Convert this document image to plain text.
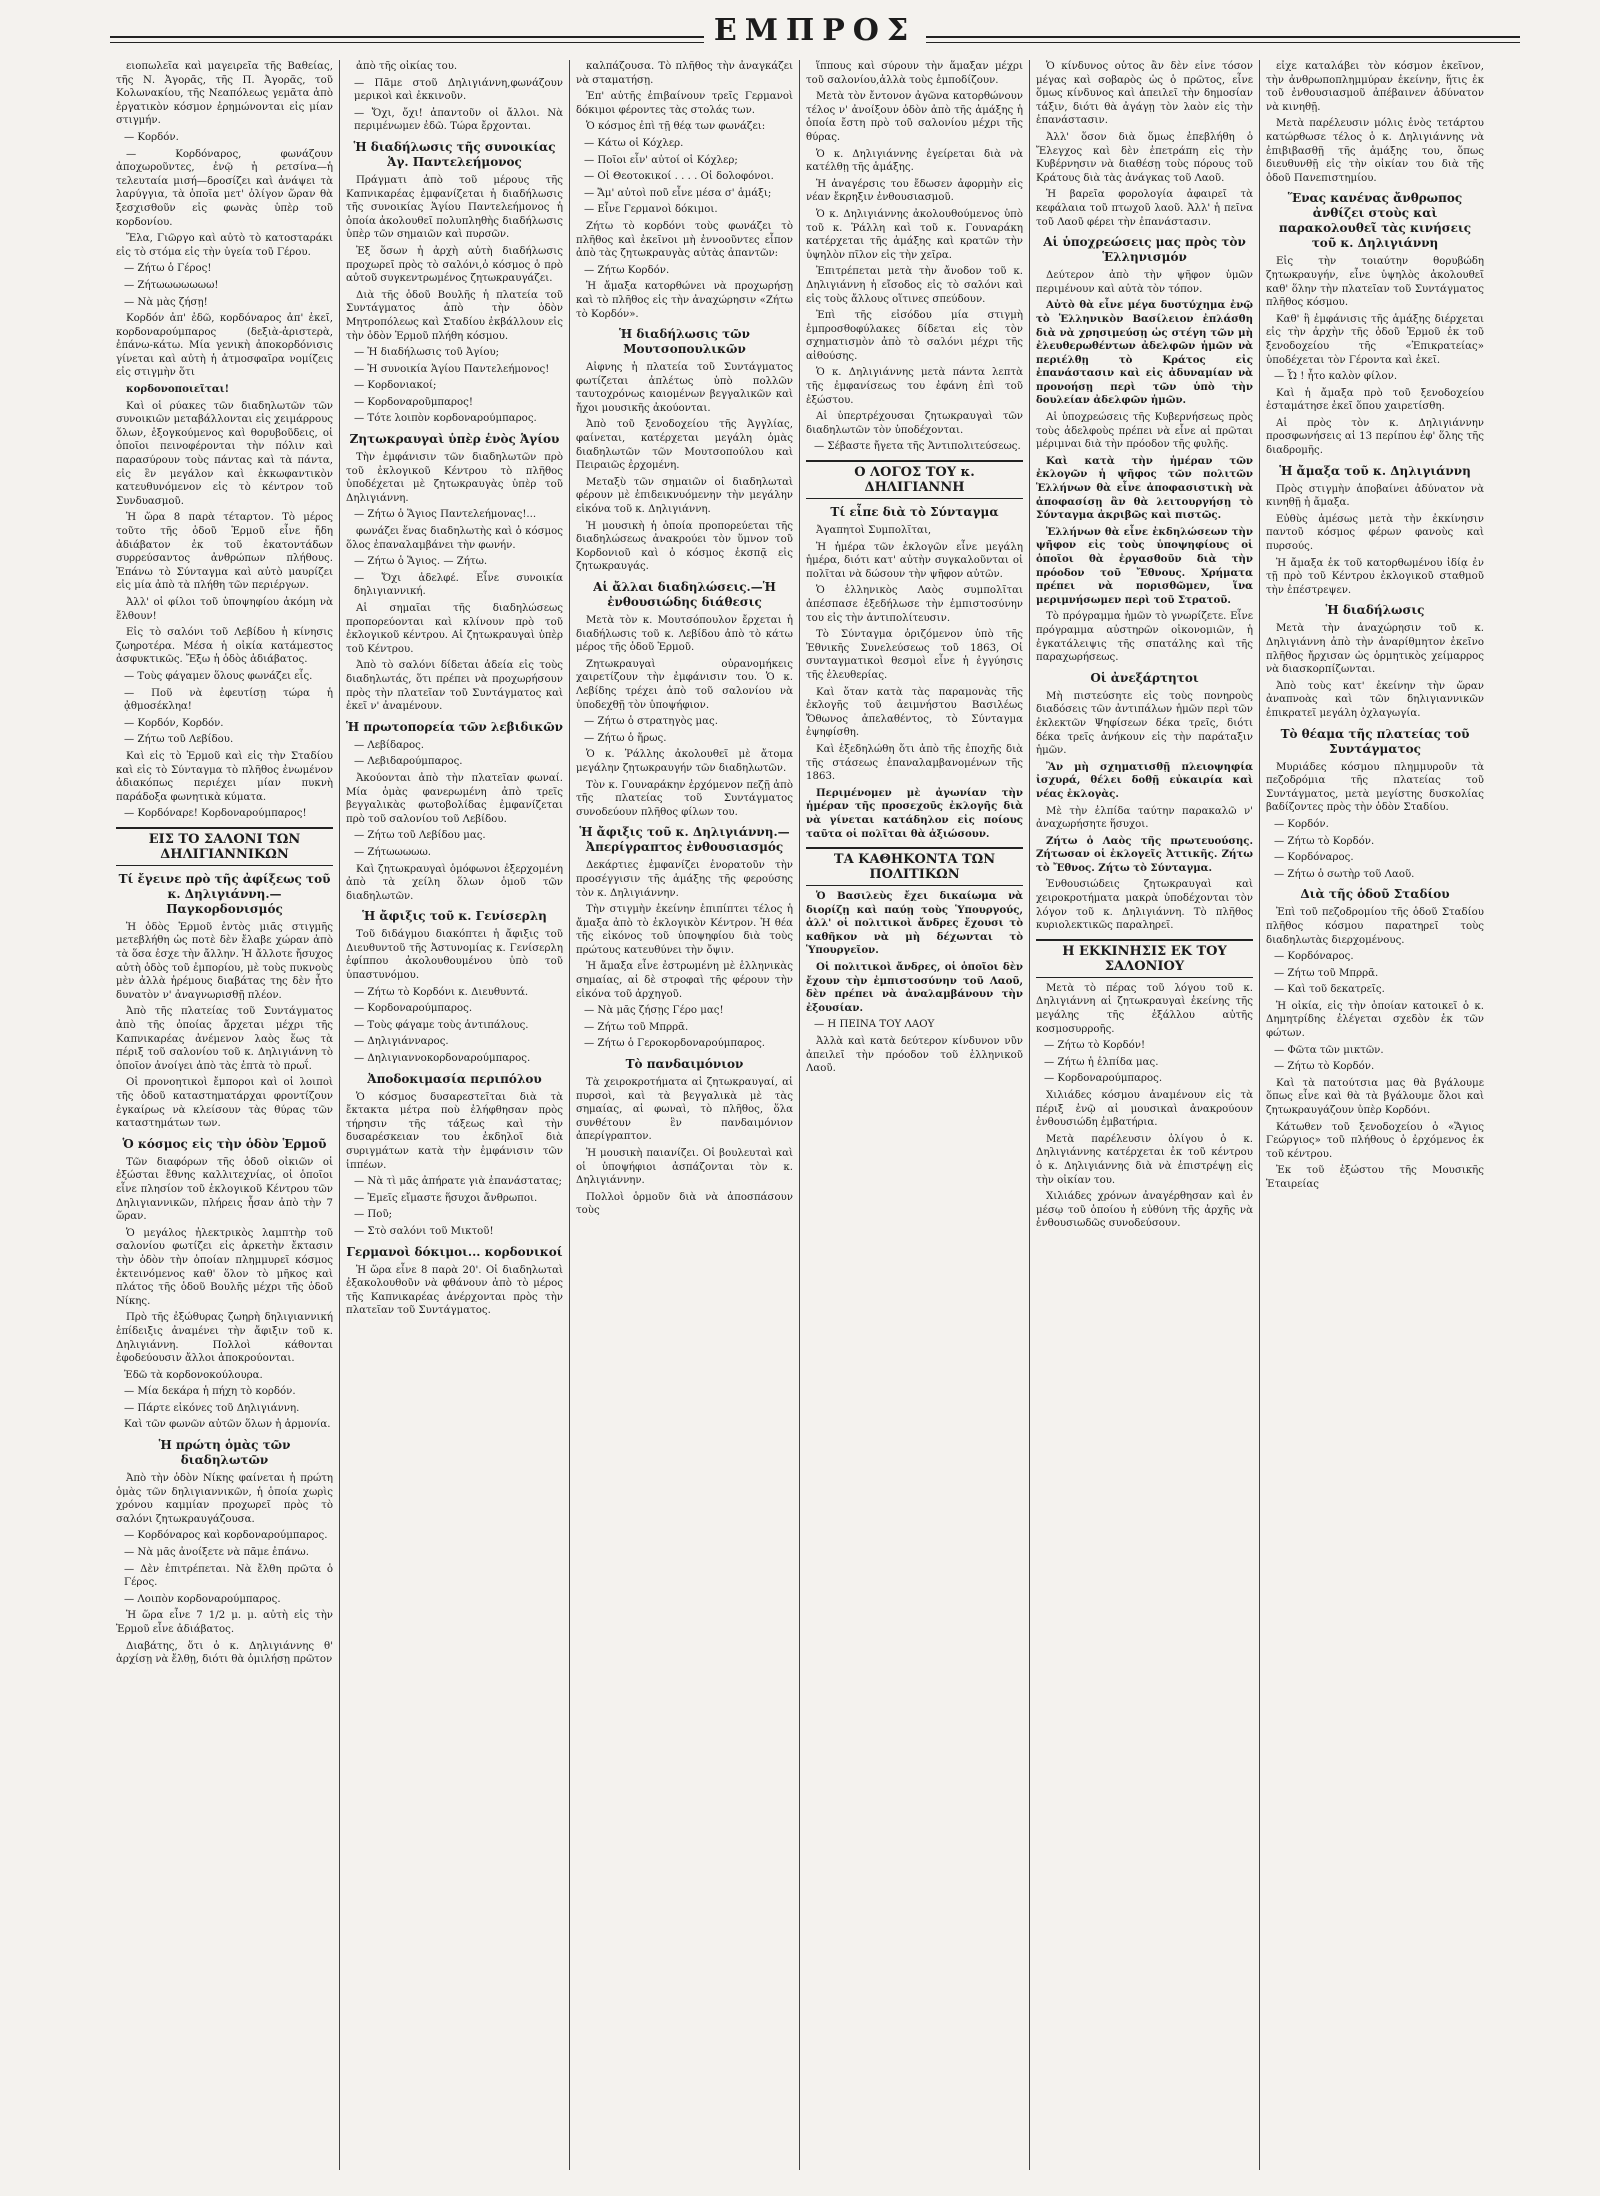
ΕΜΠΡΟΣ

ειοπωλεῖα καὶ μαγειρεῖα τῆς Βαθείας, τῆς Ν. Ἀγορᾶς, τῆς Π. Ἀγορᾶς, τοῦ Κολωνακίου, τῆς Νεαπόλεως γεμᾶτα ἀπὸ ἐργατικὸν κόσμον ἐρημώνονται εἰς μίαν στιγμήν.

— Κορδόν.

— Κορδόναρος, φωνάζουν ἀποχωροῦντες, ἐνῷ ἡ ρετσίνα—ἡ τελευταία μισή—δροσίζει καὶ ἀνάψει τὰ λαρύγγια, τὰ ὁποῖα μετ' ὀλίγον ὥραν θὰ ξεσχισθοῦν εἰς φωνὰς ὑπὲρ τοῦ κορδονίου.

Ἔλα, Γιῶργο καὶ αὐτὸ τὸ κατοσταράκι εἰς τὸ στόμα εἰς τὴν ὑγεία τοῦ Γέρου.

— Ζήτω ὁ Γέρος!

— Ζήτωωωωωωω!

— Νὰ μὰς ζήσῃ!

Κορδόν ἀπ' ἐδῶ, κορδόναρος ἀπ' ἐκεῖ, κορδοναρούμπαρος (δεξιὰ-ἀριστερὰ, ἐπάνω-κάτω. Μία γενικὴ ἀποκορδόνισις γίνεται καὶ αὐτὴ ἡ ἀτμοσφαῖρα νομίζεις εἰς στιγμὴν ὅτι

κορδονοποιεῖται!

Καὶ οἱ ρύακες τῶν διαδηλωτῶν τῶν συνοικιῶν μεταβάλλονται εἰς χειμάρρους ὅλων, ἑξογκούμενος καὶ θορυβοῦδεις, οἱ ὁποῖοι πεινοφέρονται τὴν πόλιν καὶ παρασύρουν τοὺς πάντας καὶ τὰ πάντα, εἰς ἓν μεγάλον καὶ ἐκκωφαντικὸν κατευθυνόμενον εἰς τὸ κέντρον τοῦ Συνδυασμοῦ.

Ἡ ὥρα 8 παρὰ τέταρτον. Τὸ μέρος τοῦτο τῆς ὁδοῦ Ἑρμοῦ εἶνε ἤδη ἀδιάβατον ἐκ τοῦ ἐκατοντάδων συρρεύσαντος ἀνθρώπων πλήθους. Ἐπάνω τὸ Σύνταγμα καὶ αὐτὸ μαυρίζει εἰς μία ἀπὸ τὰ πλήθη τῶν περιέργων.

Ἀλλ' οἱ φίλοι τοῦ ὑποψηφίου ἀκόμη νὰ ἔλθουν!

Εἰς τὸ σαλόνι τοῦ Λεβίδου ἡ κίνησις ζωηροτέρα. Μέσα ἡ οἰκία κατάμεστος ἀσφυκτικῶς. Ἔξω ἡ ὁδὸς ἀδιάβατος.

— Τοὺς φάγαμεν ὅλους φωνάζει εἷς.

— Ποῦ νὰ ἐφευτίσῃ τώρα ἡ ᾀθμοσέκληα!

— Κορδόν, Κορδόν.

— Ζήτω τοῦ Λεβίδου.

Καὶ εἰς τὸ Ἑρμοῦ καὶ εἰς τὴν Σταδίου καὶ εἰς τὸ Σύνταγμα τὸ πλῆθος ἐνωμένον ἀδιακόπως περιέχει μίαν πυκνὴ παράδοξα φωνητικὰ κύματα.

— Κορδόναρε! Κορδοναρούμπαρος!

ΕΙΣ ΤΟ ΣΑΛΟΝΙ ΤΩΝ ΔΗΛΙΓΙΑΝΝΙΚΩΝ
Τί ἔγεινε πρὸ τῆς ἀφίξεως τοῦ κ. Δηλιγιάννη.—Παγκορδονισμός

Ἡ ὁδὸς Ἑρμοῦ ἐντὸς μιᾶς στιγμῆς μετεβλήθη ὡς ποτὲ δὲν ἔλαβε χώραν ἀπὸ τὰ ὅσα ἐσχε τὴν ἄλλην. Ἡ ἄλλοτε ἤσυχος αὐτὴ ὁδὸς τοῦ ἐμπορίου, μὲ τοὺς πυκνοὺς μὲν ἀλλὰ ἠρέμους διαβάτας της δὲν ἦτο δυνατὸν ν' ἀναγνωρισθῇ πλέον.

Ἀπὸ τῆς πλατείας τοῦ Συντάγματος ἀπὸ τῆς ὁποίας ἄρχεται μέχρι τῆς Καπνικαρέας ἀνέμενον λαὸς ἕως τὰ πέριξ τοῦ σαλονίου τοῦ κ. Δηλιγιάννη τὸ ὁποῖον ἀνοίγει ἀπὸ τὰς ἐπτὰ τὸ πρωΐ.

Οἱ προνοητικοὶ ἔμποροι καὶ οἱ λοιποὶ τῆς ὁδοῦ καταστηματάρχαι φροντίζουν ἐγκαίρως νὰ κλείσουν τὰς θύρας τῶν καταστημάτων των.

Ὁ κόσμος εἰς τὴν ὁδὸν Ἑρμοῦ

Τῶν διαφόρων τῆς ὁδοῦ οἰκιῶν οἱ ἐξώσται ἔθνης καλλιτεχνίας, οἱ ὁποῖοι εἶνε πλησίον τοῦ ἐκλογικοῦ Κέντρου τῶν Δηλιγιαννικῶν, πλήρεις ἦσαν ἀπὸ τὴν 7 ὥραν.

Ὁ μεγάλος ἠλεκτρικὸς λαμπτὴρ τοῦ σαλονίου φωτίζει εἰς ἀρκετὴν ἔκτασιν τὴν ὁδὸν τὴν ὁποίαν πλημμυρεῖ κόσμος ἐκτεινόμενος καθ' ὅλον τὸ μῆκος καὶ πλάτος τῆς ὁδοῦ Βουλῆς μέχρι τῆς ὁδοῦ Νίκης.

Πρὸ τῆς ἐξώθυρας ζωηρὴ δηλιγιαννική ἐπίδειξις ἀναμένει τὴν ἄφιξιν τοῦ κ. Δηλιγιάννη. Πολλοὶ κάθονται ἐφοδεύουσιν ἄλλοι ἀποκρούονται.

Ἐδῶ τὰ κορδονοκούλουρα.

— Μία δεκάρα ἡ πήχη τὸ κορδόν.

— Πάρτε εἰκόνες τοῦ Δηλιγιάννη.

Καὶ τῶν φωνῶν αὐτῶν ὅλων ἡ ἁρμονία.

Ἡ πρώτη ὁμὰς τῶν διαδηλωτῶν

Ἀπὸ τὴν ὁδὸν Νίκης φαίνεται ἡ πρώτη ὁμὰς τῶν δηλιγιαννικῶν, ἡ ὁποία χωρὶς χρόνου καμμίαν προχωρεῖ πρὸς τὸ σαλόνι ζητωκραυγάζουσα.

— Κορδόναρος καὶ κορδοναρούμπαρος.

— Νὰ μᾶς ἀνοίξετε νὰ πᾶμε ἐπάνω.

— Δὲν ἐπιτρέπεται. Νὰ ἔλθη πρῶτα ὁ Γέρος.

— Λοιπὸν κορδοναρούμπαρος.

Ἡ ὥρα εἶνε 7 1/2 μ. μ. αὐτὴ εἰς τὴν Ἑρμοῦ εἶνε ἀδιάβατος.

Διαβάτης, ὅτι ὁ κ. Δηλιγιάννης θ' ἀρχίσῃ νὰ ἔλθῃ, διότι θὰ ὁμιλήσῃ πρῶτον

ἀπὸ τῆς οἰκίας του.

— Πᾶμε στοῦ Δηλιγιάννη,φωνάζουν μερικοὶ καὶ ἐκκινοῦν.

— Ὄχι, ὄχι! ἀπαντοῦν οἱ ἄλλοι. Νὰ περιμένωμεν ἐδῶ. Τώρα ἔρχονται.

Ἡ διαδήλωσις τῆς συνοικίας Ἁγ. Παντελεήμονος

Πράγματι ἀπὸ τοῦ μέρους τῆς Καπνικαρέας ἐμφανίζεται ἡ διαδήλωσις τῆς συνοικίας Ἁγίου Παντελεήμονος ἡ ὁποία ἀκολουθεῖ πολυπληθὴς διαδήλωσις ὑπὲρ τῶν σημαιῶν καὶ πυρσῶν.

Ἐξ ὅσων ἡ ἀρχὴ αὐτὴ διαδήλωσις προχωρεῖ πρὸς τὸ σαλόνι,ὁ κόσμος ὁ πρὸ αὐτοῦ συγκεντρωμένος ζητωκραυγάζει.

Διὰ τῆς ὁδοῦ Βουλῆς ἡ πλατεία τοῦ Συντάγματος ἀπὸ τὴν ὁδὸν Μητροπόλεως καὶ Σταδίου ἐκβάλλουν εἰς τὴν ὁδὸν Ἑρμοῦ πλήθη κόσμου.

— Ἡ διαδήλωσις τοῦ Ἀγίου;

— Ἡ συνοικία Ἁγίου Παντελεήμονος!

— Κορδονιακοί;

— Κορδοναροῦμπαρος!

— Τότε λοιπὸν κορδοναρούμπαρος.

Ζητωκραυγαὶ ὑπὲρ ἑνὸς Ἁγίου

Τὴν ἐμφάνισιν τῶν διαδηλωτῶν πρὸ τοῦ ἐκλογικοῦ Κέντρου τὸ πλῆθος ὑποδέχεται μὲ ζητωκραυγὰς ὑπὲρ τοῦ Δηλιγιάννη.

— Ζήτω ὁ Ἅγιος Παντελεήμονας!...

φωνάζει ἕνας διαδηλωτὴς καὶ ὁ κόσμος ὅλος ἐπαναλαμβάνει τὴν φωνήν.

— Ζήτω ὁ Ἅγιος. — Ζήτω.

— Ὄχι ἀδελφέ. Εἶνε συνοικία δηλιγιαννική.

Αἱ σημαῖαι τῆς διαδηλώσεως προπορεύονται καὶ κλίνουν πρὸ τοῦ ἐκλογικοῦ κέντρου. Αἱ ζητωκραυγαὶ ὑπὲρ τοῦ Κέντρου.

Ἀπὸ τὸ σαλόνι δίδεται ἀδεία εἰς τοὺς διαδηλωτάς, ὅτι πρέπει νὰ προχωρήσουν πρὸς τὴν πλατεῖαν τοῦ Συντάγματος καὶ ἐκεῖ ν' ἀναμένουν.

Ἡ πρωτοπορεία τῶν λεβιδικῶν

— Λεβίδαρος.

— Λεβιδαρούμπαρος.

Ἀκούονται ἀπὸ τὴν πλατεῖαν φωναί. Μία ὁμὰς φανερωμένη ἀπὸ τρεῖς βεγγαλικὰς φωτοβολίδας ἐμφανίζεται πρὸ τοῦ σαλονίου τοῦ Λεβίδου.

— Ζήτω τοῦ Λεβίδου μας.

— Ζήτωωωωω.

Καὶ ζητωκραυγαὶ ὁμόφωνοι ἐξερχομένη ἀπὸ τὰ χείλη ὅλων ὁμοῦ τῶν διαδηλωτῶν.

Ἡ ἄφιξις τοῦ κ. Γενίσερλη

Τοῦ διδάγμου διακόπτει ἡ ἄφιξις τοῦ Διευθυντοῦ τῆς Ἀστυνομίας κ. Γενίσερλη ἐφίππου ἀκολουθουμένου ὑπὸ τοῦ ὑπαστυνόμου.

— Ζήτω τὸ Κορδόνι κ. Διευθυντά.

— Κορδοναρούμπαρος.

— Τοὺς φάγαμε τοὺς ἀντιπάλους.

— Δηλιγιάνναρος.

— Δηλιγιαννοκορδοναρούμπαρος.

Ἀποδοκιμασία περιπόλου

Ὁ κόσμος δυσαρεστεῖται διὰ τὰ ἔκτακτα μέτρα ποὺ ἐλήφθησαν πρὸς τήρησιν τῆς τάξεως καὶ τὴν δυσαρέσκειαν του ἐκδηλοῖ διὰ συριγμάτων κατὰ τὴν ἐμφάνισιν τῶν ἱππέων.

— Νὰ τὶ μᾶς ἀπήρατε γιὰ ἐπανάστατας;

— Ἐμεῖς εἴμαστε ἥσυχοι ἄνθρωποι.

— Ποῦ;

— Στὸ σαλόνι τοῦ Μικτοῦ!

Γερμανοὶ δόκιμοι... κορδονικοί

Ἡ ὥρα εἶνε 8 παρὰ 20'. Οἱ διαδηλωταὶ ἐξακολουθοῦν νὰ φθάνουν ἀπὸ τὸ μέρος τῆς Καπνικαρέας ἀνέρχονται πρὸς τὴν πλατεῖαν τοῦ Συντάγματος.

καλπάζουσα. Τὸ πλῆθος τὴν ἀναγκάζει νὰ σταματήσῃ.

Ἐπ' αὐτῆς ἐπιβαίνουν τρεῖς Γερμανοὶ δόκιμοι φέροντες τὰς στολάς των.

Ὁ κόσμος ἐπὶ τῇ θέᾳ των φωνάζει:

— Κάτω οἱ Κόχλερ.

— Ποῖοι εἶν' αὐτοί οἱ Κόχλερ;

— Οἱ Θεοτοκικοί . . . . Οἱ δολοφόνοι.

— Ἄμ' αὐτοὶ ποῦ εἶνε μέσα σ' ἁμάξι;

— Εἶνε Γερμανοὶ δόκιμοι.

Ζήτω τὸ κορδόνι τοὺς φωνάζει τὸ πλῆθος καὶ ἐκεῖνοι μὴ ἐννοοῦντες εἶπον ἀπὸ τὰς ζητωκραυγὰς αὐτὰς ἀπαντῶν:

— Ζήτω Κορδόν.

Ἡ ἄμαξα κατορθώνει νὰ προχωρήσῃ καὶ τὸ πλῆθος εἰς τὴν ἀναχώρησιν «Ζήτω τὸ Κορδόν».

Ἡ διαδήλωσις τῶν Μουτσοπουλικῶν

Αἰφνης ἡ πλατεία τοῦ Συντάγματος φωτίζεται ἀπλέτως ὑπὸ πολλῶν ταυτοχρόνως καιομένων βεγγαλικῶν καὶ ἤχοι μουσικῆς ἀκούονται.

Ἀπὸ τοῦ ξενοδοχείου τῆς Ἀγγλίας, φαίνεται, κατέρχεται μεγάλη ὁμὰς διαδηλωτῶν τῶν Μουτσοπούλου καὶ Πειραιῶς ἐρχομένη.

Μεταξὺ τῶν σημαιῶν οἱ διαδηλωταὶ φέρουν μὲ ἐπιδεικνυόμενην τὴν μεγάλην εἰκόνα τοῦ κ. Δηλιγιάννη.

Ἡ μουσικὴ ἡ ὁποία προπορεύεται τῆς διαδηλώσεως ἀνακρούει τὸν ὕμνον τοῦ Κορδονιοῦ καὶ ὁ κόσμος ἐκσπᾷ εἰς ζητωκραυγάς.

Αἱ ἄλλαι διαδηλώσεις.—Ἡ ἐνθουσιώδης διάθεσις

Μετὰ τὸν κ. Μουτσόπουλον ἔρχεται ἡ διαδήλωσις τοῦ κ. Λεβίδου ἀπὸ τὸ κάτω μέρος τῆς ὁδοῦ Ἑρμοῦ.

Ζητωκραυγαὶ οὐρανομήκεις χαιρετίζουν τὴν ἐμφάνισιν του. Ὁ κ. Λεβίδης τρέχει ἀπὸ τοῦ σαλονίου νὰ ὑποδεχθῇ τὸν ὑποψήφιον.

— Ζήτω ὁ στρατηγὸς μας.

— Ζήτω ὁ ἥρως.

Ὁ κ. Ῥάλλης ἀκολουθεῖ μὲ ἄτομα μεγάλην ζητωκραυγήν τῶν διαδηλωτῶν.

Τὸν κ. Γουναράκην ἐρχόμενον πεζῇ ἀπὸ τῆς πλατείας τοῦ Συντάγματος συνοδεύουν πλῆθος φίλων του.

Ἡ ἄφιξις τοῦ κ. Δηλιγιάννη.—Ἀπερίγραπτος ἐνθουσιασμός

Δεκάρτιες ἐμφανίζει ἐνορατοῦν τὴν προσέγγισιν τῆς ἁμάξης τῆς φερούσης τὸν κ. Δηλιγιάννην.

Τὴν στιγμὴν ἐκείνην ἐπιπίπτει τέλος ἡ ἄμαξα ἀπὸ τὸ ἐκλογικὸν Κέντρον. Ἡ θέα τῆς εἰκόνος τοῦ ὑποψηφίου διὰ τοὺς πρώτους κατευθύνει τὴν ὄψιν.

Ἡ ἄμαξα εἶνε ἐστρωμένη μὲ ἑλληνικὰς σημαίας, αἱ δὲ στροφαὶ τῆς φέρουν τὴν εἰκόνα τοῦ ἀρχηγοῦ.

— Νὰ μᾶς ζήσῃς Γέρο μας!

— Ζήτω τοῦ Μπρρᾶ.

— Ζήτω ὁ Γεροκορδοναρούμπαρος.

Τὸ πανδαιμόνιον

Τὰ χειροκροτήματα αἱ ζητωκραυγαί, αἱ πυρσοὶ, καὶ τὰ βεγγαλικὰ μὲ τὰς σημαίας, αἱ φωναὶ, τὸ πλῆθος, ὅλα συνθέτουν ἓν πανδαιμόνιον ἀπερίγραπτον.

Ἡ μουσικὴ παιανίζει. Οἱ βουλευταὶ καὶ οἱ ὑποψήφιοι ἀσπάζονται τὸν κ. Δηλιγιάννην.

Πολλοὶ ὁρμοῦν διὰ νὰ ἀποσπάσουν τοὺς

ἵππους καὶ σύρουν τὴν ἅμαξαν μέχρι τοῦ σαλονίου,ἀλλὰ τοὺς ἐμποδίζουν.

Μετὰ τὸν ἔντονον ἀγῶνα κατορθώνουν τέλος ν' ἀνοίξουν ὁδὸν ἀπὸ τῆς ἁμάξης ἡ ὁποία ἔστη πρὸ τοῦ σαλονίου μέχρι τῆς θύρας.

Ὁ κ. Δηλιγιάννης ἐγείρεται διὰ νὰ κατέλθῃ τῆς ἁμάξης.

Ἡ ἀναγέρσις του ἔδωσεν ἀφορμὴν εἰς νέαν ἔκρηξιν ἐνθουσιασμοῦ.

Ὁ κ. Δηλιγιάννης ἀκολουθούμενος ὑπὸ τοῦ κ. Ῥάλλη καὶ τοῦ κ. Γουναράκη κατέρχεται τῆς ἁμάξης καὶ κρατῶν τὴν ὑψηλὸν πῖλον εἰς τὴν χεῖρα.

Ἐπιτρέπεται μετὰ τὴν ἄνοδον τοῦ κ. Δηλιγιάννη ἡ εἴσοδος εἰς τὸ σαλόνι καὶ εἰς τοὺς ἄλλους οἵτινες σπεύδουν.

Ἐπὶ τῆς εἰσόδου μία στιγμὴ ἐμπροσθοφύλακες δίδεται εἰς τὸν σχηματισμὸν ἀπὸ τὸ σαλόνι μέχρι τῆς αἰθούσης.

Ὁ κ. Δηλιγιάννης μετὰ πάντα λεπτὰ τῆς ἐμφανίσεως του ἐφάνη ἐπὶ τοῦ ἐξώστου.

Αἱ ὑπερτρέχουσαι ζητωκραυγαὶ τῶν διαδηλωτῶν τὸν ὑποδέχονται.

— Σέβαστε ἤγετα τῆς Ἀντιπολιτεύσεως.

Ο ΛΟΓΟΣ ΤΟΥ κ. ΔΗΛΙΓΙΑΝΝΗ
Τί εἶπε διὰ τὸ Σύνταγμα

Ἀγαπητοὶ Συμπολῖται,

Ἡ ἡμέρα τῶν ἐκλογῶν εἶνε μεγάλη ἡμέρα, διότι κατ' αὐτὴν συγκαλοῦνται οἱ πολῖται νὰ δώσουν τὴν ψῆφον αὐτῶν.

Ὁ ἑλληνικὸς Λαὸς συμπολῖται ἀπέσπασε ἐξεδήλωσε τὴν ἐμπιστοσύνην του εἰς τὴν ἀντιπολίτευσιν.

Τὸ Σύνταγμα ὁριζόμενον ὑπὸ τῆς Ἐθνικῆς Συνελεύσεως τοῦ 1863, Οἱ συνταγματικοὶ θεσμοὶ εἶνε ἡ ἐγγύησις τῆς ἐλευθερίας.

Καὶ ὅταν κατὰ τὰς παραμονὰς τῆς ἐκλογῆς τοῦ ἀειμνήστου Βασιλέως Ὄθωνος ἀπελαθέντος, τὸ Σύνταγμα ἐψηφίσθη.

Καὶ ἐξεδηλώθη ὅτι ἀπὸ τῆς ἐποχῆς διὰ τῆς στάσεως ἐπαναλαμβανομένων τῆς 1863.

Περιμένομεν μὲ ἀγωνίαν τὴν ἡμέραν τῆς προσεχοῦς ἐκλογῆς διὰ νὰ γίνεται κατάδηλον εἰς ποίους ταῦτα οἱ πολῖται θὰ ἀξιώσουν.

ΤΑ ΚΑΘΗΚΟΝΤΑ ΤΩΝ ΠΟΛΙΤΙΚΩΝ

Ὁ Βασιλεὺς ἔχει δικαίωμα νὰ διορίζῃ καὶ παύῃ τοὺς Ὑπουργούς, ἀλλ' οἱ πολιτικοὶ ἄνδρες ἔχουσι τὸ καθῆκον νὰ μὴ δέχωνται τὸ Ὑπουργεῖον.

Οἱ πολιτικοὶ ἄνδρες, οἱ ὁποῖοι δὲν ἔχουν τὴν ἐμπιστοσύνην τοῦ Λαοῦ, δὲν πρέπει νὰ ἀναλαμβάνουν τὴν ἐξουσίαν.

— Η ΠΕΙΝΑ ΤΟΥ ΛΑΟΥ

Ἀλλὰ καὶ κατὰ δεύτερον κίνδυνον νῦν ἀπειλεῖ τὴν πρόοδον τοῦ ἑλληνικοῦ Λαοῦ.

Ὁ κίνδυνος οὗτος ἂν δὲν εἶνε τόσον μέγας καὶ σοβαρὸς ὡς ὁ πρῶτος, εἶνε ὅμως κίνδυνος καὶ ἀπειλεῖ τὴν δημοσίαν τάξιν, διότι θὰ ἀγάγῃ τὸν λαὸν εἰς τὴν ἐπανάστασιν.

Ἀλλ' ὅσον διὰ ὅμως ἐπεβλήθη ὁ Ἔλεγχος καὶ δὲν ἐπετράπη εἰς τὴν Κυβέρνησιν νὰ διαθέσῃ τοὺς πόρους τοῦ Κράτους διὰ τὰς ἀνάγκας τοῦ Λαοῦ.

Ἡ βαρεῖα φορολογία ἀφαιρεῖ τὰ κεφάλαια τοῦ πτωχοῦ λαοῦ. Ἀλλ' ἡ πεῖνα τοῦ Λαοῦ φέρει τὴν ἐπανάστασιν.

Αἱ ὑποχρεώσεις μας πρὸς τὸν Ἑλληνισμόν

Δεύτερον ἀπὸ τὴν ψῆφον ὑμῶν περιμένουν καὶ αὐτὰ τὸν τόπον.

Αὐτὸ θὰ εἶνε μέγα δυστύχημα ἐνῷ τὸ Ἑλληνικὸν Βασίλειον ἐπλάσθη διὰ νὰ χρησιμεύσῃ ὡς στέγη τῶν μὴ ἐλευθερωθέντων ἀδελφῶν ἡμῶν νὰ περιέλθῃ τὸ Κράτος εἰς ἐπανάστασιν καὶ εἰς ἀδυναμίαν νὰ προνοήσῃ περὶ τῶν ὑπὸ τὴν δουλείαν ἀδελφῶν ἡμῶν.

Αἱ ὑποχρεώσεις τῆς Κυβερνήσεως πρὸς τοὺς ἀδελφοὺς πρέπει νὰ εἶνε αἱ πρῶται μέριμναι διὰ τὴν πρόοδον τῆς φυλῆς.

Καὶ κατὰ τὴν ἡμέραν τῶν ἐκλογῶν ἡ ψῆφος τῶν πολιτῶν Ἑλλήνων θὰ εἶνε ἀποφασιστικὴ νὰ ἀποφασίσῃ ἂν θὰ λειτουργήσῃ τὸ Σύνταγμα ἀκριβῶς καὶ πιστῶς.

Ἑλλήνων θὰ εἶνε ἐκδηλώσεων τὴν ψῆφον εἰς τοὺς ὑποψηφίους οἱ ὁποῖοι θὰ ἐργασθοῦν διὰ τὴν πρόοδον τοῦ Ἔθνους. Χρήματα πρέπει νὰ πορισθῶμεν, ἵνα μεριμνήσωμεν περὶ τοῦ Στρατοῦ.

Τὸ πρόγραμμα ἡμῶν τὸ γνωρίζετε. Εἶνε πρόγραμμα αὐστηρῶν οἰκονομιῶν, ἡ ἐγκατάλειψις τῆς σπατάλης καὶ τῆς παραχωρήσεως.

Οἱ ἀνεξάρτητοι

Μὴ πιστεύσητε εἰς τοὺς πονηροὺς διαδόσεις τῶν ἀντιπάλων ἡμῶν περὶ τῶν ἐκλεκτῶν Ψηφίσεων δέκα τρεῖς, διότι δέκα τρεῖς ἀνήκουν εἰς τὴν παράταξιν ἡμῶν.

Ἂν μὴ σχηματισθῇ πλειοψηφία ἰσχυρά, θέλει δοθῇ εὐκαιρία καὶ νέας ἐκλογὰς.

Μὲ τὴν ἐλπίδα ταύτην παρακαλῶ ν' ἀναχωρήσητε ἥσυχοι.

Ζήτω ὁ Λαὸς τῆς πρωτευούσης. Ζήτωσαν οἱ ἐκλογεῖς Ἀττικῆς. Ζήτω τὸ Ἔθνος. Ζήτω τὸ Σύνταγμα.

Ἐνθουσιώδεις ζητωκραυγαὶ καὶ χειροκροτήματα μακρὰ ὑποδέχονται τὸν λόγον τοῦ κ. Δηλιγιάννη. Τὸ πλῆθος κυριολεκτικῶς παραληρεῖ.

Η ΕΚΚΙΝΗΣΙΣ ΕΚ ΤΟΥ ΣΑΛΟΝΙΟΥ

Μετὰ τὸ πέρας τοῦ λόγου τοῦ κ. Δηλιγιάννη αἱ ζητωκραυγαὶ ἐκείνης τῆς μεγάλης τῆς ἐξάλλου αὐτῆς κοσμοσυρροῆς.

— Ζήτω τὸ Κορδόν!

— Ζήτω ἡ ἐλπίδα μας.

— Κορδοναρούμπαρος.

Χιλιάδες κόσμου ἀναμένουν εἰς τὰ πέριξ ἐνῷ αἱ μουσικαὶ ἀνακρούουν ἐνθουσιώδη ἐμβατήρια.

Μετὰ παρέλευσιν ὀλίγου ὁ κ. Δηλιγιάννης κατέρχεται ἐκ τοῦ κέντρου ὁ κ. Δηλιγιάννης διὰ νὰ ἐπιστρέψῃ εἰς τὴν οἰκίαν του.

Χιλιάδες χρόνων ἀναγέρθησαν καὶ ἐν μέσῳ τοῦ ὁποίου ἡ εὐθύνη τῆς ἀρχῆς νὰ ἐνθουσιωδῶς συνοδεύσουν.

εἶχε καταλάβει τὸν κόσμον ἐκεῖνον, τὴν ἀνθρωποπλημμύραν ἐκείνην, ἥτις ἐκ τοῦ ἐνθουσιασμοῦ ἀπέβαινεν ἀδύνατον νὰ κινηθῇ.

Μετὰ παρέλευσιν μόλις ἑνὸς τετάρτου κατώρθωσε τέλος ὁ κ. Δηλιγιάννης νὰ ἐπιβιβασθῇ τῆς ἁμάξης του, ὅπως διευθυνθῇ εἰς τὴν οἰκίαν του διὰ τῆς ὁδοῦ Πανεπιστημίου.

Ἕνας κανένας ἄνθρωπος ἀνθίζει στοὺς καὶ παρακολουθεῖ τὰς κινήσεις τοῦ κ. Δηλιγιάννη

Εἰς τὴν τοιαύτην θορυβώδη ζητωκραυγήν, εἶνε ὑψηλὸς ἀκολουθεῖ καθ' ὅλην τὴν πλατεῖαν τοῦ Συντάγματος πλῆθος κόσμου.

Καθ' ἢ ἐμφάνισις τῆς ἁμάξης διέρχεται εἰς τὴν ἀρχὴν τῆς ὁδοῦ Ἑρμοῦ ἐκ τοῦ ξενοδοχείου τῆς «Ἐπικρατείας» ὑποδέχεται τὸν Γέροντα καὶ ἐκεῖ.

— Ὦ ! ἦτο καλὸν φίλον.

Καὶ ἡ ἄμαξα πρὸ τοῦ ξενοδοχείου ἐσταμάτησε ἐκεῖ ὅπου χαιρετίσθη.

Αἱ πρὸς τὸν κ. Δηλιγιάννην προσφωνήσεις αἱ 13 περίπου ἐφ' ὅλης τῆς διαδρομῆς.

Ἡ ἄμαξα τοῦ κ. Δηλιγιάννη

Πρὸς στιγμὴν ἀποβαίνει ἀδύνατον νὰ κινηθῇ ἡ ἄμαξα.

Εὐθὺς ἀμέσως μετὰ τὴν ἐκκίνησιν παντοῦ κόσμος φέρων φανοὺς καὶ πυρσούς.

Ἡ ἄμαξα ἐκ τοῦ κατορθωμένου ἰδίᾳ ἐν τῇ πρὸ τοῦ Κέντρου ἐκλογικοῦ σταθμοῦ τὴν ἐπέστρεψεν.

Ἡ διαδήλωσις

Μετὰ τὴν ἀναχώρησιν τοῦ κ. Δηλιγιάννη ἀπὸ τὴν ἀναρίθμητον ἐκεῖνο πλῆθος ἤρχισαν ὡς ὁρμητικὸς χείμαρρος νὰ διασκορπίζωνται.

Ἀπὸ τοὺς κατ' ἐκείνην τὴν ὥραν ἀναπνοὰς καὶ τῶν δηλιγιαννικῶν ἐπικρατεῖ μεγάλη ὀχλαγωγία.

Τὸ θέαμα τῆς πλατείας τοῦ Συντάγματος

Μυριάδες κόσμου πλημμυροῦν τὰ πεζοδρόμια τῆς πλατείας τοῦ Συντάγματος, μετὰ μεγίστης δυσκολίας βαδίζοντες πρὸς τὴν ὁδὸν Σταδίου.

— Κορδόν.

— Ζήτω τὸ Κορδόν.

— Κορδόναρος.

— Ζήτω ὁ σωτὴρ τοῦ Λαοῦ.

Διὰ τῆς ὁδοῦ Σταδίου

Ἐπὶ τοῦ πεζοδρομίου τῆς ὁδοῦ Σταδίου πλῆθος κόσμου παρατηρεῖ τοὺς διαδηλωτὰς διερχομένους.

— Κορδόναρος.

— Ζήτω τοῦ Μπρρᾶ.

— Καὶ τοῦ δεκατρεῖς.

Ἡ οἰκία, εἰς τὴν ὁποίαν κατοικεῖ ὁ κ. Δημητρίδης ἐλέγεται σχεδὸν ἐκ τῶν φώτων.

— Φῶτα τῶν μικτῶν.

— Ζήτω τὸ Κορδόν.

Καὶ τὰ πατούτσια μας θὰ βγάλουμε ὅπως εἶνε καὶ θὰ τὰ βγάλουμε ὅλοι καὶ ζητωκραυγάζουν ὑπὲρ Κορδόνι.

Κάτωθεν τοῦ ξενοδοχείου ὁ «Ἅγιος Γεώργιος» τοῦ πλήθους ὁ ἐρχόμενος ἐκ τοῦ κέντρου.

Ἐκ τοῦ ἐξώστου τῆς Μουσικῆς Ἑταιρείας
